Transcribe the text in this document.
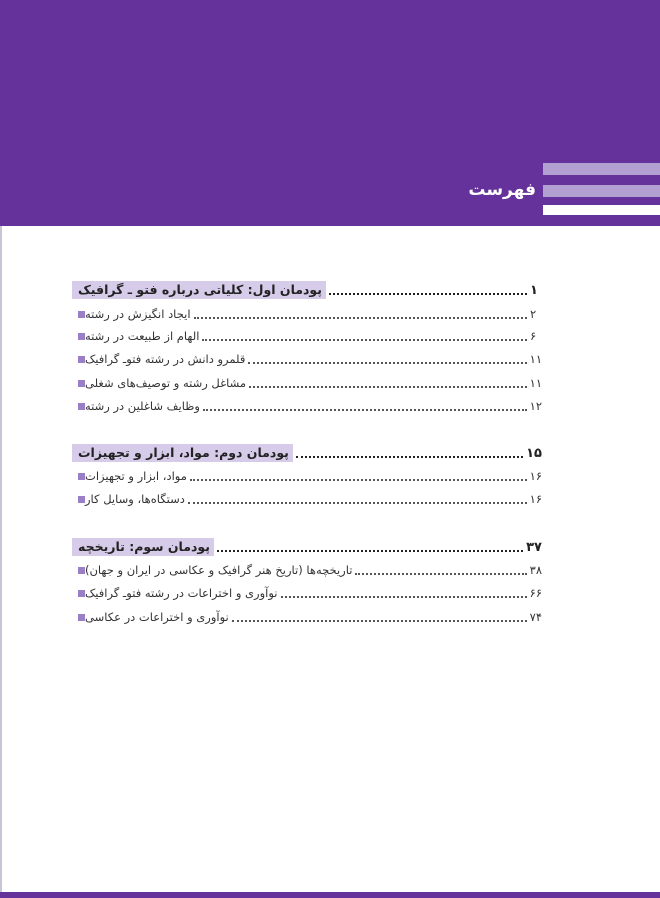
فهرست
پودمان اول: کلیاتی درباره فتو ـ گرافیک	۱
ایجاد انگیزش در رشته	۲
الهام از طبیعت در رشته	۶
قلمرو دانش در رشته فتوـ گرافیک	۱۱
مشاغل رشته و توصیف‌های شغلی	۱۱
وظایف شاغلین در رشته	۱۲
پودمان دوم: مواد، ابزار و تجهیزات	۱۵
مواد، ابزار و تجهیزات	۱۶
دستگاه‌ها، وسایل کار	۱۶
پودمان سوم: تاریخچه	۳۷
تاریخچه‌ها (تاریخ هنر گرافیک و عکاسی در ایران و جهان)	۳۸
نوآوری و اختراعات در رشته فتوـ گرافیک	۶۶
نوآوری و اختراعات در عکاسی	۷۴
